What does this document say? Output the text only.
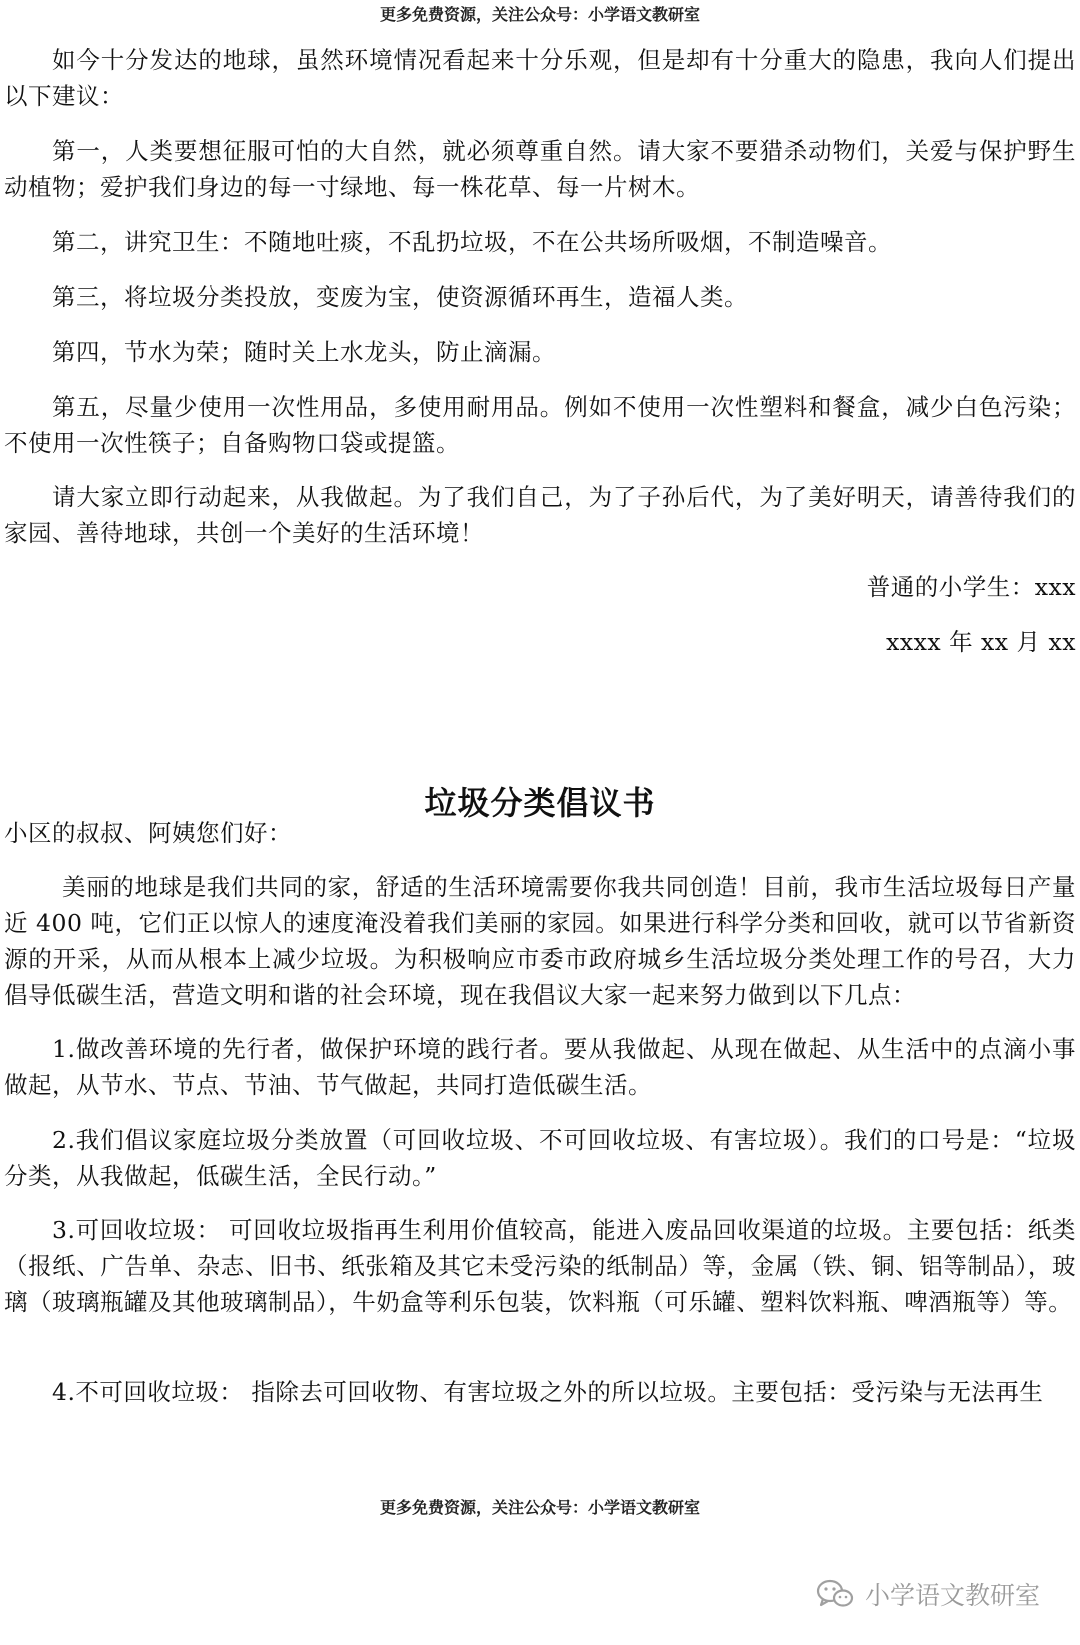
更多免费资源，关注公众号：小学语文教研室

如今十分发达的地球，虽然环境情况看起来十分乐观，但是却有十分重大的隐患，我向人们提出以下建议：

第一，人类要想征服可怕的大自然，就必须尊重自然。请大家不要猎杀动物们，关爱与保护野生动植物；爱护我们身边的每一寸绿地、每一株花草、每一片树木。

第二，讲究卫生：不随地吐痰，不乱扔垃圾，不在公共场所吸烟，不制造噪音。

第三，将垃圾分类投放，变废为宝，使资源循环再生，造福人类。

第四，节水为荣；随时关上水龙头，防止滴漏。

第五，尽量少使用一次性用品，多使用耐用品。例如不使用一次性塑料和餐盒，减少白色污染；不使用一次性筷子；自备购物口袋或提篮。

请大家立即行动起来，从我做起。为了我们自己，为了子孙后代，为了美好明天，请善待我们的家园、善待地球，共创一个美好的生活环境！

普通的小学生：xxx

xxxx 年 xx 月 xx

垃圾分类倡议书

小区的叔叔、阿姨您们好：

美丽的地球是我们共同的家，舒适的生活环境需要你我共同创造！目前，我市生活垃圾每日产量近 400 吨，它们正以惊人的速度淹没着我们美丽的家园。如果进行科学分类和回收，就可以节省新资源的开采，从而从根本上减少垃圾。为积极响应市委市政府城乡生活垃圾分类处理工作的号召，大力倡导低碳生活，营造文明和谐的社会环境，现在我倡议大家一起来努力做到以下几点：

1.做改善环境的先行者，做保护环境的践行者。要从我做起、从现在做起、从生活中的点滴小事做起，从节水、节点、节油、节气做起，共同打造低碳生活。

2.我们倡议家庭垃圾分类放置（可回收垃圾、不可回收垃圾、有害垃圾）。我们的口号是：“垃圾分类，从我做起，低碳生活，全民行动。”

3.可回收垃圾： 可回收垃圾指再生利用价值较高，能进入废品回收渠道的垃圾。主要包括：纸类（报纸、广告单、杂志、旧书、纸张箱及其它未受污染的纸制品）等，金属（铁、铜、铝等制品），玻璃（玻璃瓶罐及其他玻璃制品），牛奶盒等利乐包装，饮料瓶（可乐罐、塑料饮料瓶、啤酒瓶等）等。

4.不可回收垃圾： 指除去可回收物、有害垃圾之外的所以垃圾。主要包括：受污染与无法再生

更多免费资源，关注公众号：小学语文教研室
小学语文教研室
